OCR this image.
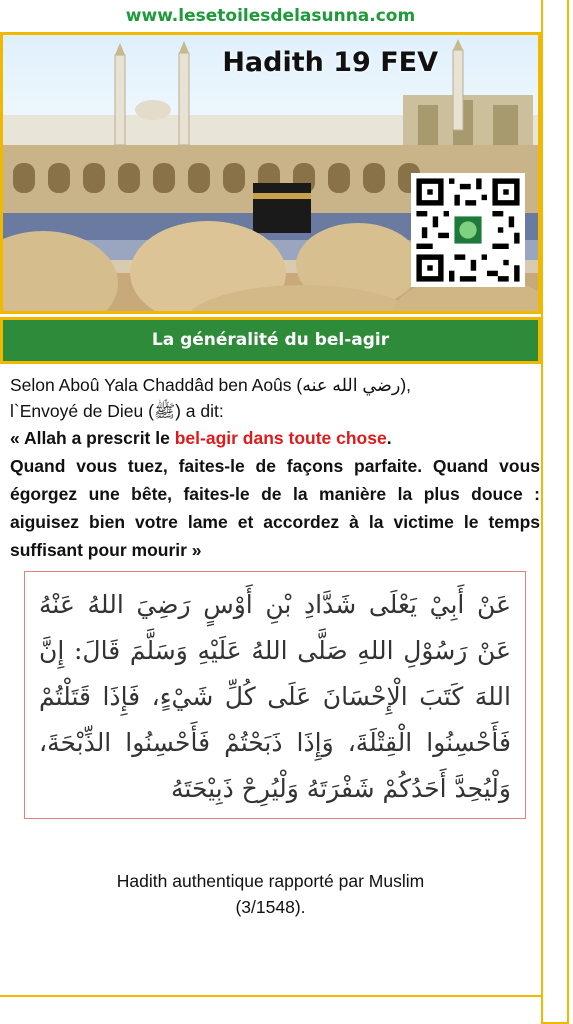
www.lesetoilesdelasunna.com
Hadith 19 FEV
La généralité du bel-agir
Selon Aboû Yala Chaddâd ben Aoûs (رضي الله عنه),
l`Envoyé de Dieu (ﷺ) a dit:
« Allah a prescrit le bel-agir dans toute chose.
Quand vous tuez, faites-le de façons parfaite. Quand vous égorgez une bête, faites-le de la manière la plus douce : aiguisez bien votre lame et accordez à la victime le temps suffisant pour mourir »
عَنْ أَبِيْ يَعْلَى شَدَّادِ بْنِ أَوْسٍ رَضِيَ اللهُ عَنْهُ عَنْ رَسُوْلِ اللهِ صَلَّى اللهُ عَلَيْهِ وَسَلَّمَ قَالَ: إِنَّ اللهَ كَتَبَ الْإِحْسَانَ عَلَى كُلِّ شَيْءٍ، فَإِذَا قَتَلْتُمْ فَأَحْسِنُوا الْقِتْلَةَ، وَإِذَا ذَبَحْتُمْ فَأَحْسِنُوا الذِّبْحَةَ، وَلْيُحِدَّ أَحَدُكُمْ شَفْرَتَهُ وَلْيُرِحْ ذَبِيْحَتَهُ
Hadith authentique rapporté par Muslim
(3/1548).
